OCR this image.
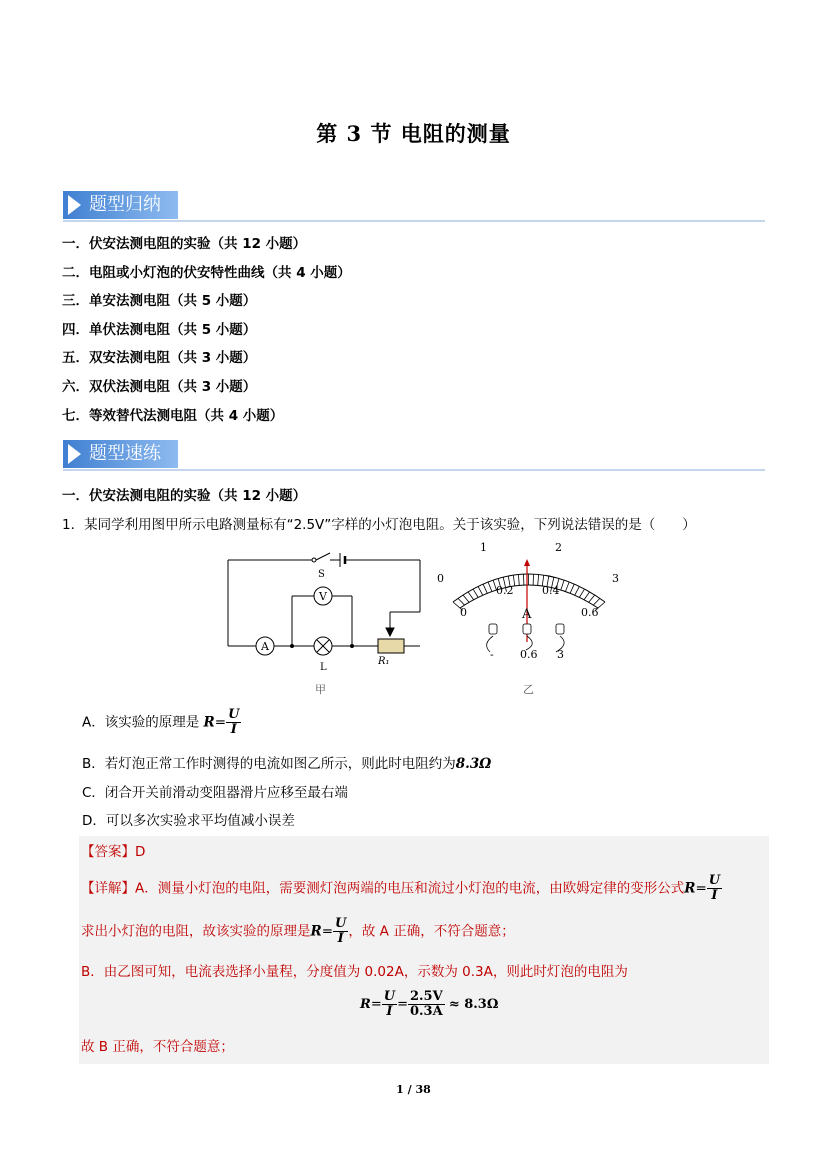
第 3 节 电阻的测量
题型归纳
一．伏安法测电阻的实验（共 12 小题）
二．电阻或小灯泡的伏安特性曲线（共 4 小题）
三．单安法测电阻（共 5 小题）
四．单伏法测电阻（共 5 小题）
五．双安法测电阻（共 3 小题）
六．双伏法测电阻（共 3 小题）
七．等效替代法测电阻（共 4 小题）
题型速练
一．伏安法测电阻的实验（共 12 小题）
1．某同学利用图甲所示电路测量标有“2.5V”字样的小灯泡电阻。关于该实验，下列说法错误的是（　　）
S
V
A
L
R₁
甲
0
1	2
3
0
0.2	0.4
0.6
A
- 0.6 3
乙
A．该实验的原理是 $R= \frac{U}{I}$
B．若灯泡正常工作时测得的电流如图乙所示，则此时电阻约为8.3Ω
C．闭合开关前滑动变阻器滑片应移至最右端
D．可以多次实验求平均值减小误差
【答案】D
【详解】A．测量小灯泡的电阻，需要测灯泡两端的电压和流过小灯泡的电流，由欧姆定律的变形公式$R= \frac{U}{I}$
求出小灯泡的电阻，故该实验的原理是$R= \frac{U}{I}$ ，故 A 正确，不符合题意；
B．由乙图可知，电流表选择小量程，分度值为 0.02A，示数为 0.3A，则此时灯泡的电阻为
$R= \frac{U}{I} = \frac{2.5V}{0.3A} \approx 8.3\Omega$
故 B 正确，不符合题意；
1 / 38
